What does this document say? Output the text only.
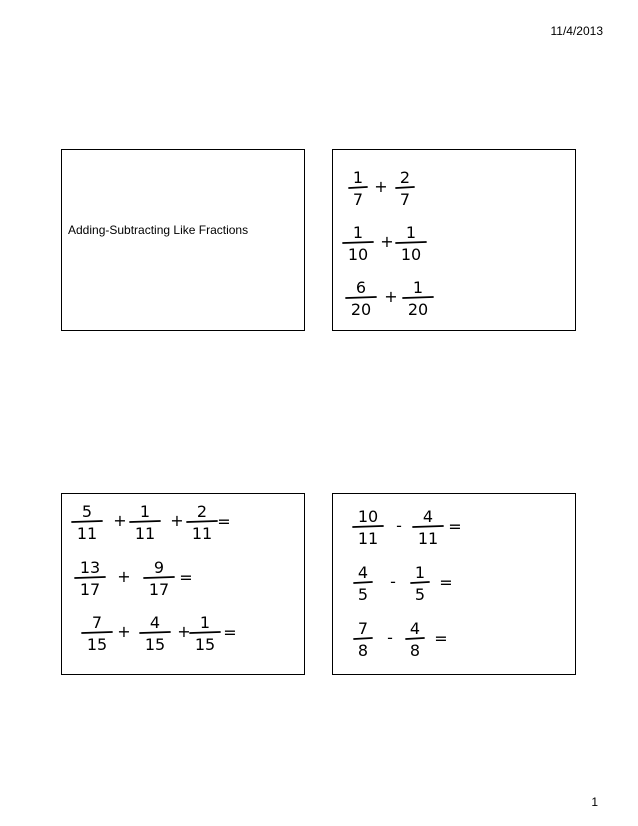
11/4/2013
Adding-Subtracting Like Fractions
1
7
2
7
+
1
10
1
10
+
6
20
1
20
+
5
11
1
11
2
11
+	+ =
13
17
9
17
+	=
7
15
4
15
1
15
+	+ =
10
11
4
11
-	=
4
5
1
5
-	=
7
8
4
8
-	=
1
